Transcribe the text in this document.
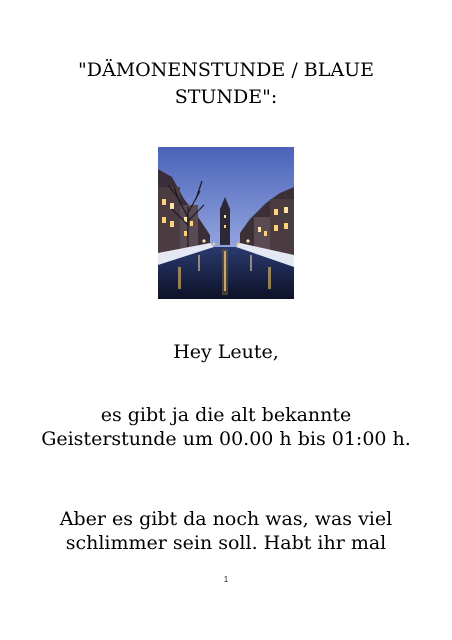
"DÄMONENSTUNDE / BLAUE STUNDE":

Hey Leute,

es gibt ja die alt bekannte Geisterstunde um 00.00 h bis 01:00 h.

Aber es gibt da noch was, was viel schlimmer sein soll. Habt ihr mal

1
